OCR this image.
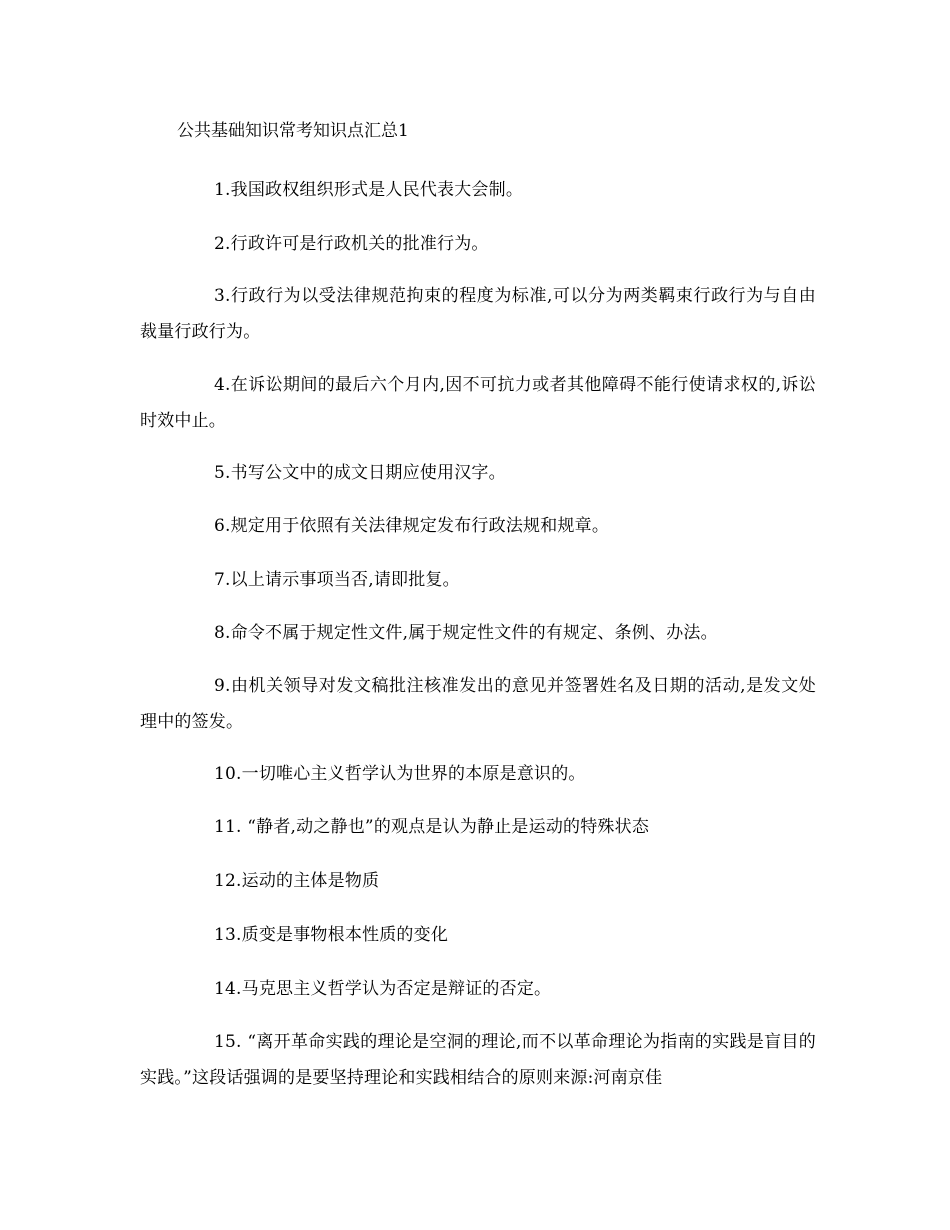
公共基础知识常考知识点汇总1
1.我国政权组织形式是人民代表大会制。
2.行政许可是行政机关的批准行为。
3.行政行为以受法律规范拘束的程度为标准,可以分为两类羁束行政行为与自由裁量行政行为。
4.在诉讼期间的最后六个月内,因不可抗力或者其他障碍不能行使请求权的,诉讼时效中止。
5.书写公文中的成文日期应使用汉字。
6.规定用于依照有关法律规定发布行政法规和规章。
7.以上请示事项当否,请即批复。
8.命令不属于规定性文件,属于规定性文件的有规定、条例、办法。
9.由机关领导对发文稿批注核准发出的意见并签署姓名及日期的活动,是发文处理中的签发。
10.一切唯心主义哲学认为世界的本原是意识的。
11. “静者,动之静也”的观点是认为静止是运动的特殊状态
12.运动的主体是物质
13.质变是事物根本性质的变化
14.马克思主义哲学认为否定是辩证的否定。
15. “离开革命实践的理论是空洞的理论,而不以革命理论为指南的实践是盲目的实践。”这段话强调的是要坚持理论和实践相结合的原则来源:河南京佳
